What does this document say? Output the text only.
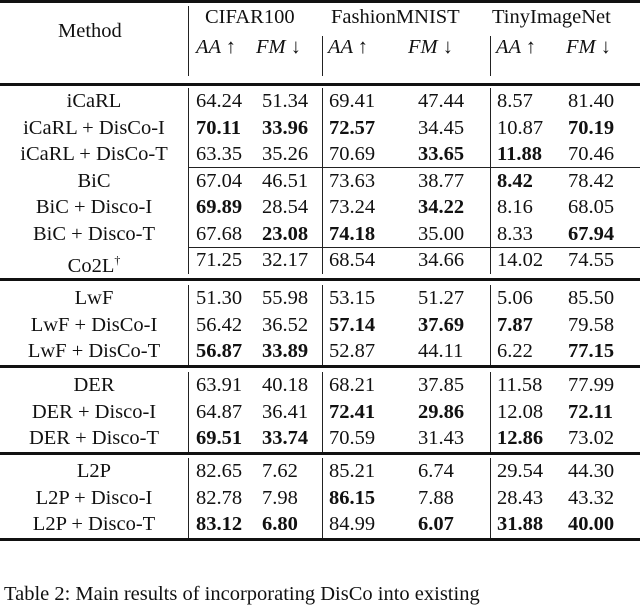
Method
CIFAR100 FashionMNIST TinyImageNet
AA ↑ FM ↓ AA ↑ FM ↓ AA ↑ FM ↓
iCaRL	64.24 51.34	69.41	47.44	8.57	81.40
iCaRL + DisCo-I	70.11	33.96	72.57	34.45	10.87	70.19
iCaRL + DisCo-T	63.35 35.26	70.69	33.65	11.88	70.46
BiC	67.04 46.51	73.63	38.77	8.42	78.42
BiC + Disco-I	69.89 28.54	73.24	34.22	8.16	68.05
BiC + Disco-T	67.68 23.08	74.18	35.00	8.33	67.94
Co2L†	71.25 32.17	68.54	34.66	14.02	74.55
LwF	51.30 55.98	53.15	51.27	5.06	85.50
LwF + DisCo-I	56.42 36.52	57.14	37.69	7.87	79.58
LwF + DisCo-T	56.87 33.89	52.87	44.11	6.22	77.15
DER	63.91 40.18	68.21	37.85	11.58	77.99
DER + Disco-I	64.87 36.41	72.41	29.86	12.08	72.11
DER + Disco-T	69.51 33.74	70.59	31.43	12.86	73.02
L2P	82.65 7.62	85.21	6.74	29.54	44.30
L2P + Disco-I	82.78 7.98	86.15	7.88	28.43	43.32
L2P + Disco-T	83.12 6.80	84.99	6.07	31.88	40.00
Table 2: Main results of incorporating DisCo into existing
